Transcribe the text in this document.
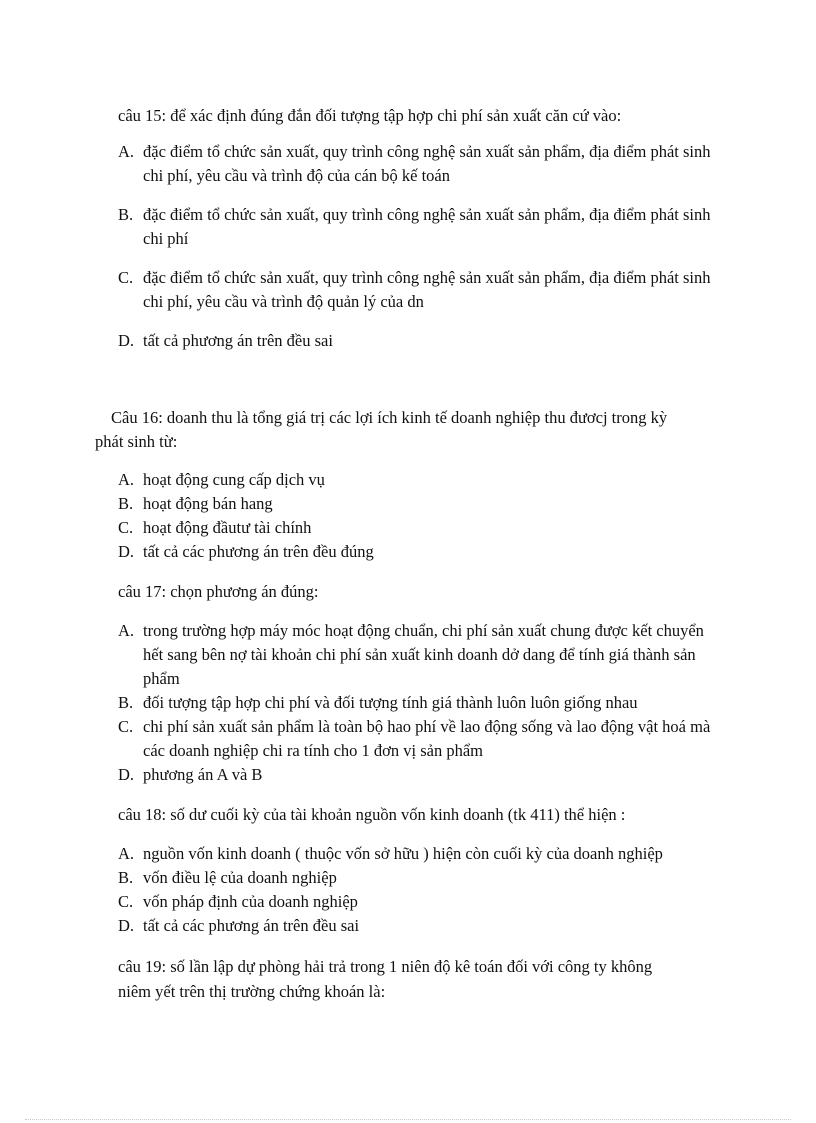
câu 15: để xác định đúng đắn đối tượng tập hợp chi phí sản xuất căn cứ vào:

A. đặc điểm tổ chức sản xuất, quy trình công nghệ sản xuất sản phẩm, địa điểm phát sinh chi phí, yêu cầu và trình độ của cán bộ kế toán
B. đặc điểm tổ chức sản xuất, quy trình công nghệ sản xuất sản phẩm, địa điểm phát sinh chi phí
C. đặc điểm tổ chức sản xuất, quy trình công nghệ sản xuất sản phẩm, địa điểm phát sinh chi phí, yêu cầu và trình độ quản lý của dn
D. tất cả phương án trên đều sai

Câu 16: doanh thu là tổng giá trị các lợi ích kinh tế doanh nghiệp thu đươcj trong kỳ

phát sinh từ:

A. hoạt động cung cấp dịch vụ
B. hoạt động bán hang
C. hoạt động đầutư tài chính
D. tất cả các phương án trên đều đúng

câu 17: chọn phương án đúng:

A. trong trường hợp máy móc hoạt động chuẩn, chi phí sản xuất chung được kết chuyển hết sang bên nợ tài khoản chi phí sản xuất kinh doanh dở dang để tính giá thành sản phẩm
B. đối tượng tập hợp chi phí và đối tượng tính giá thành luôn luôn giống nhau
C. chi phí sản xuất sản phẩm là toàn bộ hao phí về lao động sống và lao động vật hoá mà các doanh nghiệp chi ra tính cho 1 đơn vị sản phẩm
D. phương án A và B

câu 18: số dư cuối kỳ của tài khoản nguồn vốn kinh doanh (tk 411) thể hiện :

A. nguồn vốn kinh doanh ( thuộc vốn sở hữu ) hiện còn cuối kỳ của doanh nghiệp
B. vốn điều lệ của doanh nghiệp
C. vốn pháp định của doanh nghiệp
D. tất cả các phương án trên đều sai

câu 19: số lần lập dự phòng hải trả trong 1 niên độ kê toán đối với công ty không

niêm yết trên thị trường chứng khoán là:
